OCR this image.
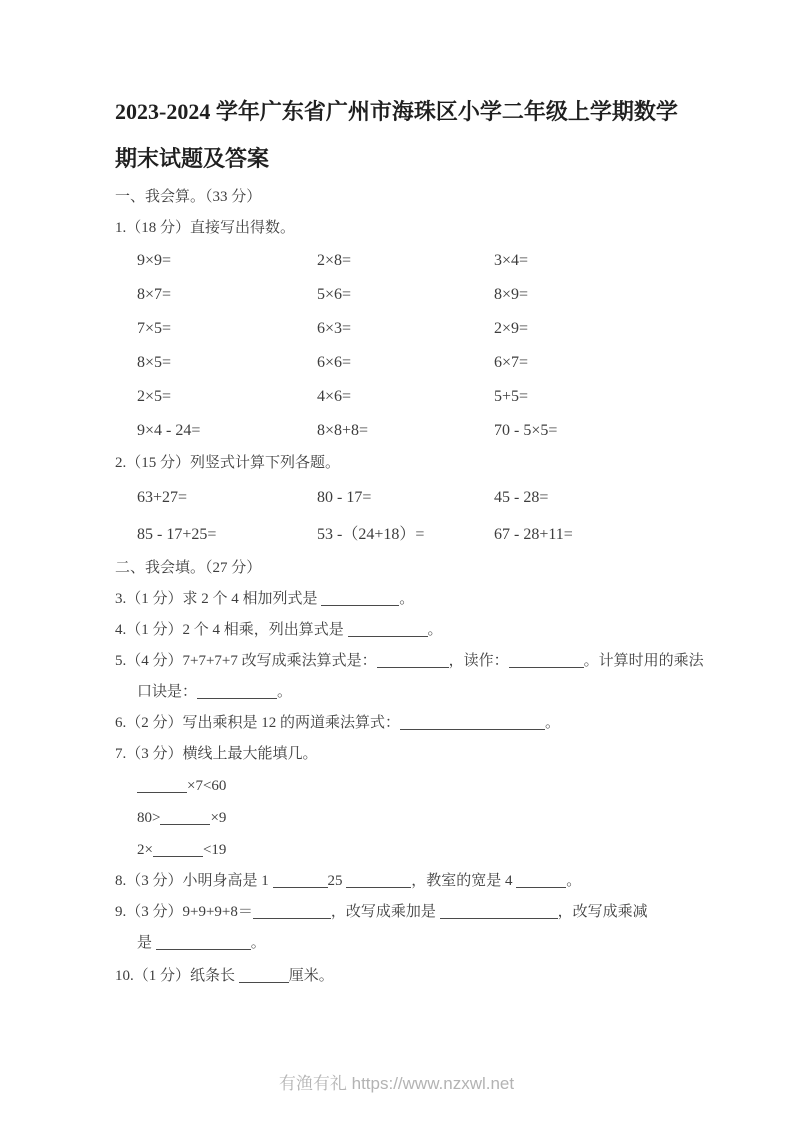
2023-2024 学年广东省广州市海珠区小学二年级上学期数学
期末试题及答案
一、我会算。（33 分）
1.（18 分）直接写出得数。
9×9=	2×8=	3×4=
8×7=	5×6=	8×9=
7×5=	6×3=	2×9=
8×5=	6×6=	6×7=
2×5=	4×6=	5+5=
9×4 - 24=	8×8+8=	70 - 5×5=
2.（15 分）列竖式计算下列各题。
63+27=	80 - 17=	45 - 28=
85 - 17+25=	53 -（24+18）=	67 - 28+11=
二、我会填。（27 分）
3.（1 分）求 2 个 4 相加列式是	。
4.（1 分）2 个 4 相乘，列出算式是	。
5.（4 分）7+7+7+7 改写成乘法算式是：	，读作：	。计算时用的乘法
口诀是：	。
6.（2 分）写出乘积是 12 的两道乘法算式：	。
7.（3 分）横线上最大能填几。
×7<60
80>	×9
2×	<19
8.（3 分）小明身高是 1	25	，教室的宽是 4	。
9.（3 分）9+9+9+8＝	，改写成乘加是	，改写成乘减
是	。
10.（1 分）纸条长	厘米。
有渔有礼 https://www.nzxwl.net
